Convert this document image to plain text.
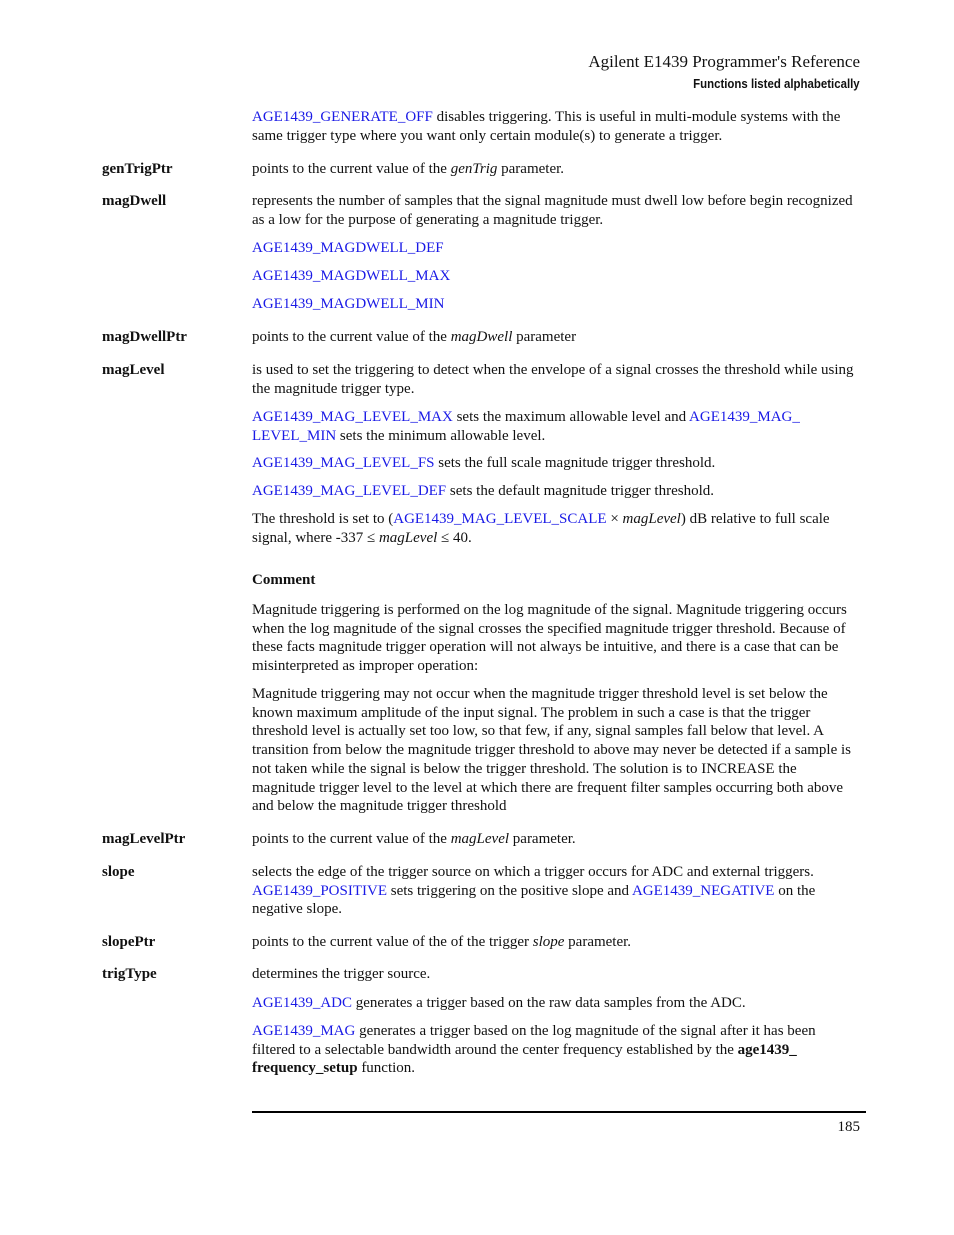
Agilent E1439 Programmer's Reference
Functions listed alphabetically
AGE1439_GENERATE_OFF disables triggering. This is useful in multi-module systems with the same trigger type where you want only certain module(s) to generate a trigger.
genTrigPtr	points to the current value of the genTrig parameter.
magDwell	represents the number of samples that the signal magnitude must dwell low before begin recognized as a low for the purpose of generating a magnitude trigger.
AGE1439_MAGDWELL_DEF
AGE1439_MAGDWELL_MAX
AGE1439_MAGDWELL_MIN
magDwellPtr	points to the current value of the magDwell parameter
magLevel	is used to set the triggering to detect when the envelope of a signal crosses the threshold while using the magnitude trigger type.
AGE1439_MAG_LEVEL_MAX sets the maximum allowable level and AGE1439_MAG_ LEVEL_MIN sets the minimum allowable level.
AGE1439_MAG_LEVEL_FS sets the full scale magnitude trigger threshold.
AGE1439_MAG_LEVEL_DEF sets the default magnitude trigger threshold.
The threshold is set to (AGE1439_MAG_LEVEL_SCALE × magLevel) dB relative to full scale signal, where -337 ≤ magLevel ≤ 40.
Comment
Magnitude triggering is performed on the log magnitude of the signal. Magnitude triggering occurs when the log magnitude of the signal crosses the specified magnitude trigger threshold. Because of these facts magnitude trigger operation will not always be intuitive, and there is a case that can be misinterpreted as improper operation:
Magnitude triggering may not occur when the magnitude trigger threshold level is set below the known maximum amplitude of the input signal. The problem in such a case is that the trigger threshold level is actually set too low, so that few, if any, signal samples fall below that level. A transition from below the magnitude trigger threshold to above may never be detected if a sample is not taken while the signal is below the trigger threshold. The solution is to INCREASE the magnitude trigger level to the level at which there are frequent filter samples occurring both above and below the magnitude trigger threshold
magLevelPtr	points to the current value of the magLevel parameter.
slope	selects the edge of the trigger source on which a trigger occurs for ADC and external triggers. AGE1439_POSITIVE sets triggering on the positive slope and AGE1439_NEGATIVE on the negative slope.
slopePtr	points to the current value of the of the trigger slope parameter.
trigType	determines the trigger source.
AGE1439_ADC generates a trigger based on the raw data samples from the ADC.
AGE1439_MAG generates a trigger based on the log magnitude of the signal after it has been filtered to a selectable bandwidth around the center frequency established by the age1439_ frequency_setup function.
185
